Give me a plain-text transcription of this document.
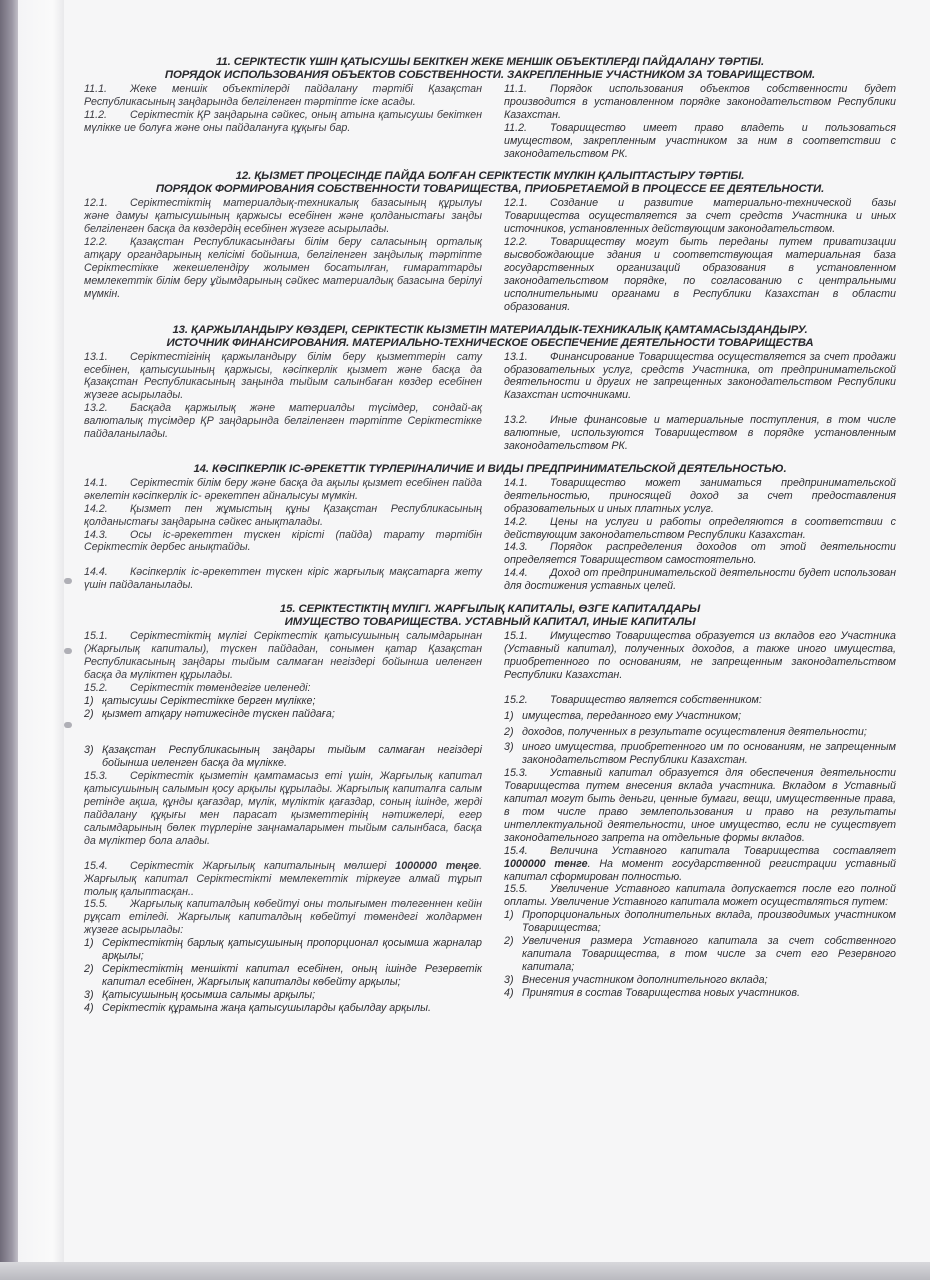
11. СЕРІКТЕСТІК ҮШІН ҚАТЫСУШЫ БЕКІТКЕН ЖЕКЕ МЕНШІК ОБЪЕКТІЛЕРДІ ПАЙДАЛАНУ ТӘРТІБІ.
ПОРЯДОК ИСПОЛЬЗОВАНИЯ ОБЪЕКТОВ СОБСТВЕННОСТИ. ЗАКРЕПЛЕННЫЕ УЧАСТНИКОМ ЗА ТОВАРИЩЕСТВОМ.

11.1. Жеке меншік объектілерді пайдалану тәртібі Қазақстан Республикасының заңдарында белгіленген тәртіпте іске асады.

11.2. Серіктестік ҚР заңдарына сәйкес, оның атына қатысушы бекіткен мүлікке ие болуға және оны пайдалануға құқығы бар.

11.1. Порядок использования объектов собственности будет производится в установленном порядке законодательством Республики Казахстан.

11.2. Товарищество имеет право владеть и пользоваться имуществом, закрепленным участником за ним в соответствии с законодательством РК.

12. ҚЫЗМЕТ ПРОЦЕСІНДЕ ПАЙДА БОЛҒАН СЕРІКТЕСТІК МҮЛКІН ҚАЛЫПТАСТЫРУ ТӘРТІБІ.
ПОРЯДОК ФОРМИРОВАНИЯ СОБСТВЕННОСТИ ТОВАРИЩЕСТВА, ПРИОБРЕТАЕМОЙ В ПРОЦЕССЕ ЕЕ ДЕЯТЕЛЬНОСТИ.

12.1. Серіктестіктің материалдық-техникалық базасының құрылуы және дамуы қатысушының қаржысы есебінен және қолданыстағы заңды белгіленген басқа да көздердің есебінен жүзеге асырылады.

12.2. Қазақстан Республикасындағы білім беру саласының орталық атқару органдарының келісімі бойынша, белгіленген заңдылық тәртіпте Серіктестікке жекешелендіру жолымен босатылған, ғимараттарды мемлекеттік білім беру ұйымдарының сәйкес материалдық базасына берілуі мүмкін.

12.1. Создание и развитие материально-технической базы Товарищества осуществляется за счет средств Участника и иных источников, установленных действующим законодательством.

12.2. Товариществу могут быть переданы путем приватизации высвобождающие здания и соответствующая материальная база государственных организаций образования в установленном законодательством порядке, по согласованию с центральными исполнительными органами в Республики Казахстан в области образования.

13. ҚАРЖЫЛАНДЫРУ КӨЗДЕРІ, СЕРІКТЕСТІК КЫЗМЕТІН МАТЕРИАЛДЫК-ТЕХНИКАЛЫҚ ҚАМТАМАСЫЗДАНДЫРУ.
ИСТОЧНИК ФИНАНСИРОВАНИЯ. МАТЕРИАЛЬНО-ТЕХНИЧЕСКОЕ ОБЕСПЕЧЕНИЕ ДЕЯТЕЛЬНОСТИ ТОВАРИЩЕСТВА

13.1. Серіктестігінің қаржыландыру білім беру қызметтерін сату есебінен, қатысушының қаржысы, кәсіпкерлік қызмет және басқа да Қазақстан Республикасының заңында тыйым салынбаған көздер есебінен жүзеге асырылады.

13.2. Басқада қаржылық және материалды түсімдер, сондай-ақ валюталық түсімдер ҚР заңдарында белгіленген тәртіпте Серіктестікке пайдаланылады.

13.1. Финансирование Товарищества осуществляется за счет продажи образовательных услуг, средств Участника, от предпринимательской деятельности и других не запрещенных законодательством Республики Казахстан источниками.

13.2. Иные финансовые и материальные поступления, в том числе валютные, используются Товариществом в порядке установленным законодательством РК.

14. КӘСІПКЕРЛІК ІС-ӘРЕКЕТТІК ТҮРЛЕРІ/НАЛИЧИЕ И ВИДЫ ПРЕДПРИНИМАТЕЛЬСКОЙ ДЕЯТЕЛЬНОСТЬЮ.

14.1. Серіктестік білім беру және басқа да ақылы қызмет есебінен пайда әкелетін кәсіпкерлік іс- әрекетпен айналысуы мүмкін.

14.2. Қызмет пен жұмыстың құны Қазақстан Республикасының қолданыстағы заңдарына сәйкес анықталады.

14.3. Осы іс-әрекеттен түскен кірісті (пайда) тарату тәртібін Серіктестік дербес анықтайды.

14.4. Кәсіпкерлік іс-әрекеттен түскен кіріс жарғылық мақсатарға жету үшін пайдаланылады.

14.1. Товарищество может заниматься предпринимательской деятельностью, приносящей доход за счет предоставления образовательных и иных платных услуг.

14.2. Цены на услуги и работы определяются в соответствии с действующим законодательством Республики Казахстан.

14.3. Порядок распределения доходов от этой деятельности определяется Товариществом самостоятельно.

14.4. Доход от предпринимательской деятельности будет использован для достижения уставных целей.

15. СЕРІКТЕСТІКТІҢ МҮЛІГІ. ЖАРҒЫЛЫҚ КАПИТАЛЫ, ӨЗГЕ КАПИТАЛДАРЫ
ИМУЩЕСТВО ТОВАРИЩЕСТВА. УСТАВНЫЙ КАПИТАЛ, ИНЫЕ КАПИТАЛЫ

15.1. Серіктестіктің мүлігі Серіктестік қатысушының салымдарынан (Жарғылық капиталы), түскен пайдадан, сонымен қатар Қазақстан Республикасының заңдары тыйым салмаған негіздері бойынша иеленген басқа да мүліктен құрылады.

15.2. Серіктестік төмендегіге иеленеді:

1) қатысушы Серіктестікке берген мүлікке;
2) қызмет атқару нәтижесінде түскен пайдаға;
3) Қазақстан Республикасының заңдары тыйым салмаған негіздері бойынша иеленген басқа да мүлікке.

15.3. Серіктестік қызметін қамтамасыз еті үшін, Жарғылық капитал қатысушының салымын қосу арқылы құрылады. Жарғылық капиталға салым ретінде ақша, құнды қағаздар, мүлік, мүліктік қағаздар, соның ішінде, жерді пайдалану құқығы мен парасат қызметтерінің нәтижелері, егер салымдарының бөлек түрлеріне заңнамаларымен тыйым салынбаса, басқа да мүліктер бола алады.

15.4. Серіктестік Жарғылық капиталының мөлшері 1000000 теңге. Жарғылық капитал Серіктестікті мемлекеттік тіркеуге алмай тұрып толық қалыптасқан..

15.5. Жарғылық капиталдың көбейтуі оны толығымен төлегеннен кейін рұқсат етіледі. Жарғылық капиталдың көбейтуі төмендегі жолдармен жүзеге асырылады:

1) Серіктестіктің барлық қатысушының пропорционал қосымша жарналар арқылы;
2) Серіктестіктің меншікті капитал есебінен, оның ішінде Резерветік капитал есебінен, Жарғылық капиталды көбейту арқылы;
3) Қатысушының қосымша салымы арқылы;
4) Серіктестік құрамына жаңа қатысушыларды қабылдау арқылы.

15.1. Имущество Товарищества образуется из вкладов его Участника (Уставный капитал), полученных доходов, а также иного имущества, приобретенного по основаниям, не запрещенным законодательством Республики Казахстан.

15.2. Товарищество является собственником:

1) имущества, переданного ему Участником;
2) доходов, полученных в результате осуществления деятельности;
3) иного имущества, приобретенного им по основаниям, не запрещенным законодательством Республики Казахстан.

15.3. Уставный капитал образуется для обеспечения деятельности Товарищества путем внесения вклада участника. Вкладом в Уставный капитал могут быть деньги, ценные бумаги, вещи, имущественные права, в том числе право землепользования и право на результаты интеллектуальной деятельности, иное имущество, если не существует законодательного запрета на отдельные формы вкладов.

15.4. Величина Уставного капитала Товарищества составляет 1000000 тенге. На момент государственной регистрации уставный капитал сформирован полностью.

15.5. Увеличение Уставного капитала допускается после его полной оплаты. Увеличение Уставного капитала может осуществляться путем:

1) Пропорциональных дополнительных вклада, производимых участником Товарищества;
2) Увеличения размера Уставного капитала за счет собственного капитала Товарищества, в том числе за счет его Резервного капитала;
3) Внесения участником дополнительного вклада;
4) Принятия в состав Товарищества новых участников.
